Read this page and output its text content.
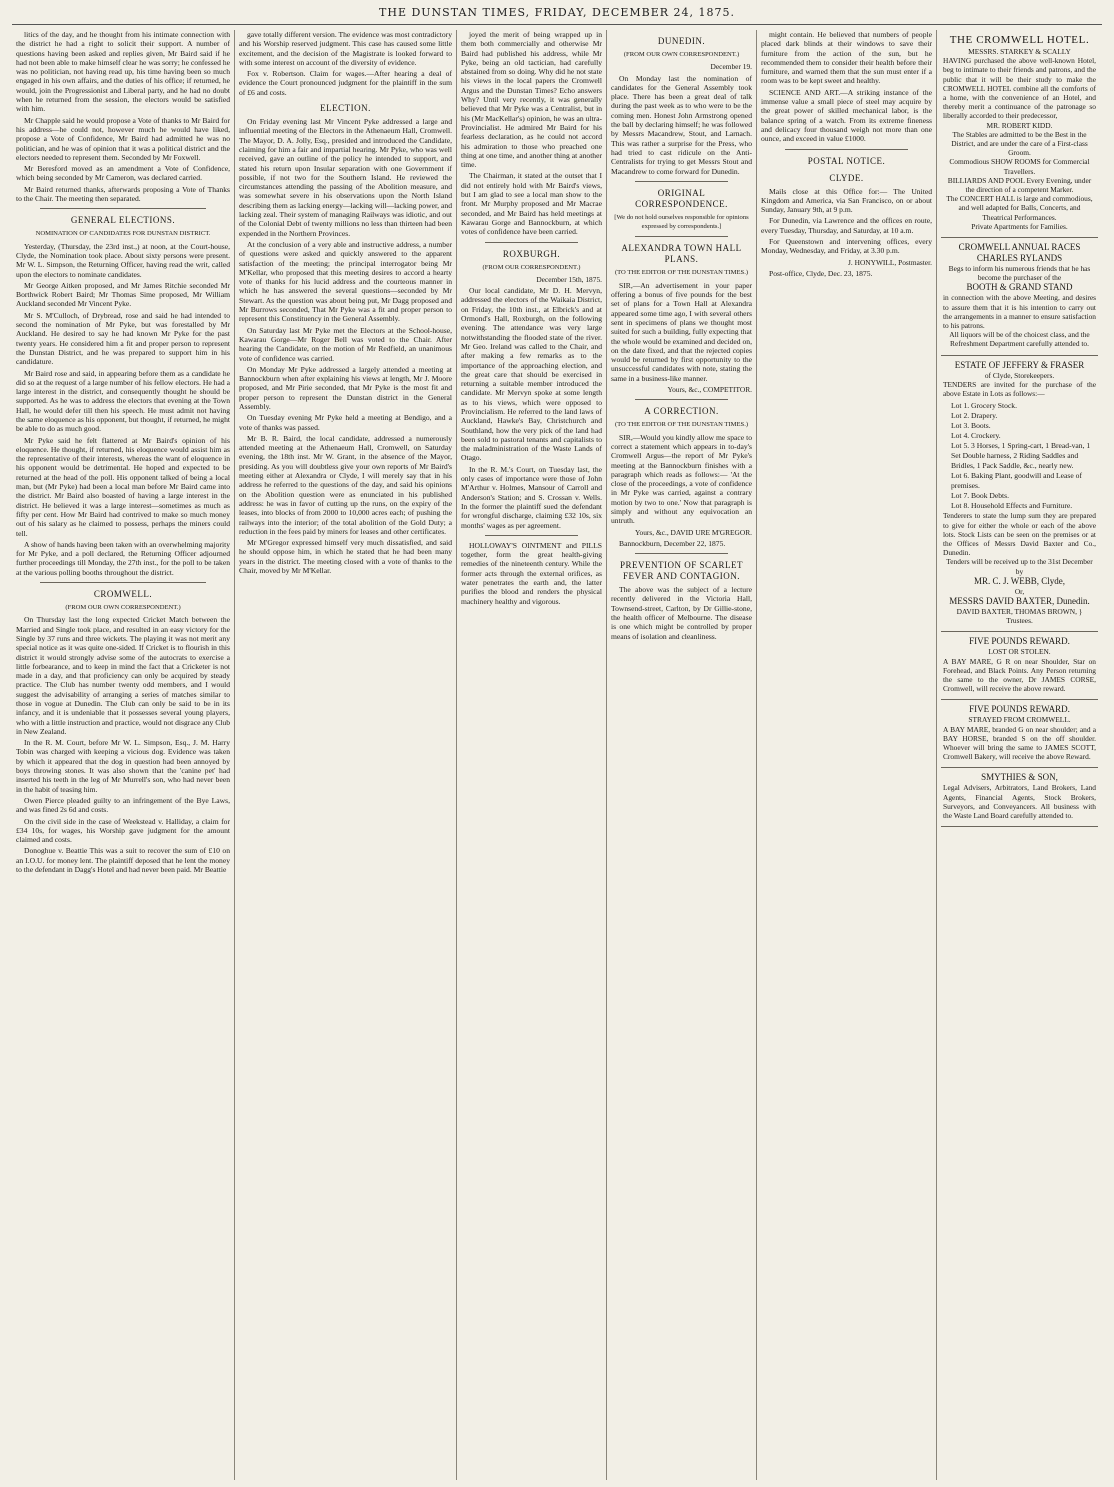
THE DUNSTAN TIMES, FRIDAY, DECEMBER 24, 1875.

litics of the day, and he thought from his intimate connection with the district he had a right to solicit their support. A number of questions having been asked and replies given, Mr Baird said if he had not been able to make himself clear he was sorry; he confessed he was no politician, not having read up, his time having been so much engaged in his own affairs, and the duties of his office; if returned, he would, join the Progressionist and Liberal party, and he had no doubt when he returned from the session, the electors would be satisfied with him.

Mr Chapple said he would propose a Vote of thanks to Mr Baird for his address—he could not, however much he would have liked, propose a Vote of Confidence, Mr Baird had admitted he was no politician, and he was of opinion that it was a political district and the electors needed to represent them. Seconded by Mr Foxwell.

Mr Beresford moved as an amendment a Vote of Confidence, which being seconded by Mr Cameron, was declared carried.

Mr Baird returned thanks, afterwards proposing a Vote of Thanks to the Chair. The meeting then separated.

GENERAL ELECTIONS.
NOMINATION OF CANDIDATES FOR DUNSTAN DISTRICT.

Yesterday, (Thursday, the 23rd inst.,) at noon, at the Court-house, Clyde, the Nomination took place. About sixty persons were present. Mr W. L. Simpson, the Returning Officer, having read the writ, called upon the electors to nominate candidates.

Mr George Aitken proposed, and Mr James Ritchie seconded Mr Borthwick Robert Baird; Mr Thomas Sime proposed, Mr William Auckland seconded Mr Vincent Pyke.

Mr S. M'Culloch, of Drybread, rose and said he had intended to second the nomination of Mr Pyke, but was forestalled by Mr Auckland. He desired to say he had known Mr Pyke for the past twenty years. He considered him a fit and proper person to represent the Dunstan District, and he was prepared to support him in his candidature.

Mr Baird rose and said, in appearing before them as a candidate he did so at the request of a large number of his fellow electors. He had a large interest in the district, and consequently thought he should be supported. As he was to address the electors that evening at the Town Hall, he would defer till then his speech. He must admit not having the same eloquence as his opponent, but thought, if returned, he might be able to do as much good.

Mr Pyke said he felt flattered at Mr Baird's opinion of his eloquence. He thought, if returned, his eloquence would assist him as the representative of their interests, whereas the want of eloquence in his opponent would be detrimental. He hoped and expected to be returned at the head of the poll. His opponent talked of being a local man, but (Mr Pyke) had been a local man before Mr Baird came into the district. Mr Baird also boasted of having a large interest in the district. He believed it was a large interest—sometimes as much as fifty per cent. How Mr Baird had contrived to make so much money out of his salary as he claimed to possess, perhaps the miners could tell.

A show of hands having been taken with an overwhelming majority for Mr Pyke, and a poll declared, the Returning Officer adjourned further proceedings till Monday, the 27th inst., for the poll to be taken at the various polling booths throughout the district.

CROMWELL.
(FROM OUR OWN CORRESPONDENT.)

On Thursday last the long expected Cricket Match between the Married and Single took place, and resulted in an easy victory for the Single by 37 runs and three wickets. The playing it was not merit any special notice as it was quite one-sided. If Cricket is to flourish in this district it would strongly advise some of the autocrats to exercise a little forbearance, and to keep in mind the fact that a Cricketer is not made in a day, and that proficiency can only be acquired by steady practice. The Club has number twenty odd members, and I would suggest the advisability of arranging a series of matches similar to those in vogue at Dunedin. The Club can only be said to be in its infancy, and it is undeniable that it possesses several young players, who with a little instruction and practice, would not disgrace any Club in New Zealand.

In the R. M. Court, before Mr W. L. Simpson, Esq., J. M. Harry Tobin was charged with keeping a vicious dog. Evidence was taken by which it appeared that the dog in question had been annoyed by boys throwing stones. It was also shown that the 'canine pet' had inserted his teeth in the leg of Mr Murrell's son, who had never been in the habit of teasing him.

Owen Pierce pleaded guilty to an infringement of the Bye Laws, and was fined 2s 6d and costs.

On the civil side in the case of Weekstead v. Halliday, a claim for £34 10s, for wages, his Worship gave judgment for the amount claimed and costs.

Donoghue v. Beattie This was a suit to recover the sum of £10 on an I.O.U. for money lent. The plaintiff deposed that he lent the money to the defendant in Dagg's Hotel and had never been paid. Mr Beattie

gave totally different version. The evidence was most contradictory and his Worship reserved judgment. This case has caused some little excitement, and the decision of the Magistrate is looked forward to with some interest on account of the diversity of evidence.

Fox v. Robertson. Claim for wages.—After hearing a deal of evidence the Court pronounced judgment for the plaintiff in the sum of £6 and costs.

ELECTION.

On Friday evening last Mr Vincent Pyke addressed a large and influential meeting of the Electors in the Athenaeum Hall, Cromwell. The Mayor, D. A. Jolly, Esq., presided and introduced the Candidate, claiming for him a fair and impartial hearing. Mr Pyke, who was well received, gave an outline of the policy he intended to support, and stated his return upon Insular separation with one Government if possible, if not two for the Southern Island. He reviewed the circumstances attending the passing of the Abolition measure, and was somewhat severe in his observations upon the North Island describing them as lacking energy—lacking will—lacking power, and lacking zeal. Their system of managing Railways was idiotic, and out of the Colonial Debt of twenty millions no less than thirteen had been expended in the Northern Provinces.

At the conclusion of a very able and instructive address, a number of questions were asked and quickly answered to the apparent satisfaction of the meeting; the principal interrogator being Mr M'Kellar, who proposed that this meeting desires to accord a hearty vote of thanks for his lucid address and the courteous manner in which he has answered the several questions—seconded by Mr Stewart. As the question was about being put, Mr Dagg proposed and Mr Burrows seconded, That Mr Pyke was a fit and proper person to represent this Constituency in the General Assembly.

On Saturday last Mr Pyke met the Electors at the School-house, Kawarau Gorge—Mr Roger Bell was voted to the Chair. After hearing the Candidate, on the motion of Mr Redfield, an unanimous vote of confidence was carried.

On Monday Mr Pyke addressed a largely attended a meeting at Bannockburn when after explaining his views at length, Mr J. Moore proposed, and Mr Pirie seconded, that Mr Pyke is the most fit and proper person to represent the Dunstan district in the General Assembly.

On Tuesday evening Mr Pyke held a meeting at Bendigo, and a vote of thanks was passed.

Mr B. R. Baird, the local candidate, addressed a numerously attended meeting at the Athenaeum Hall, Cromwell, on Saturday evening, the 18th inst. Mr W. Grant, in the absence of the Mayor, presiding. As you will doubtless give your own reports of Mr Baird's meeting either at Alexandra or Clyde, I will merely say that in his address he referred to the questions of the day, and said his opinions on the Abolition question were as enunciated in his published address: he was in favor of cutting up the runs, on the expiry of the leases, into blocks of from 2000 to 10,000 acres each; of pushing the railways into the interior; of the total abolition of the Gold Duty; a reduction in the fees paid by miners for leases and other certificates.

Mr M'Gregor expressed himself very much dissatisfied, and said he should oppose him, in which he stated that he had been many years in the district. The meeting closed with a vote of thanks to the Chair, moved by Mr M'Kellar.

joyed the merit of being wrapped up in them both commercially and otherwise Mr Baird had published his address, while Mr Pyke, being an old tactician, had carefully abstained from so doing. Why did he not state his views in the local papers the Cromwell Argus and the Dunstan Times? Echo answers Why? Until very recently, it was generally believed that Mr Pyke was a Centralist, but in his (Mr MacKellar's) opinion, he was an ultra-Provincialist. He admired Mr Baird for his fearless declaration, as he could not accord his admiration to those who preached one thing at one time, and another thing at another time.

The Chairman, it stated at the outset that I did not entirely hold with Mr Baird's views, but I am glad to see a local man show to the front. Mr Murphy proposed and Mr Macrae seconded, and Mr Baird has held meetings at Kawarau Gorge and Bannockburn, at which votes of confidence have been carried.

ROXBURGH.
(FROM OUR CORRESPONDENT.)
December 15th, 1875.

Our local candidate, Mr D. H. Mervyn, addressed the electors of the Waikaia District, on Friday, the 10th inst., at Elbrick's and at Ormond's Hall, Roxburgh, on the following evening. The attendance was very large notwithstanding the flooded state of the river. Mr Geo. Ireland was called to the Chair, and after making a few remarks as to the importance of the approaching election, and the great care that should be exercised in returning a suitable member introduced the candidate. Mr Mervyn spoke at some length as to his views, which were opposed to Provincialism. He referred to the land laws of Auckland, Hawke's Bay, Christchurch and Southland, how the very pick of the land had been sold to pastoral tenants and capitalists to the maladministration of the Waste Lands of Otago.

In the R. M.'s Court, on Tuesday last, the only cases of importance were those of John M'Arthur v. Holmes, Mansour of Carroll and Anderson's Station; and S. Crossan v. Wells. In the former the plaintiff sued the defendant for wrongful discharge, claiming £32 10s, six months' wages as per agreement.

HOLLOWAY'S OINTMENT and PILLS together, form the great health-giving remedies of the nineteenth century. While the former acts through the external orifices, as water penetrates the earth and, the latter purifies the blood and renders the physical machinery healthy and vigorous.

DUNEDIN.
(FROM OUR OWN CORRESPONDENT.)
December 19.

On Monday last the nomination of candidates for the General Assembly took place. There has been a great deal of talk during the past week as to who were to be the coming men. Honest John Armstrong opened the ball by declaring himself; he was followed by Messrs Macandrew, Stout, and Larnach. This was rather a surprise for the Press, who had tried to cast ridicule on the Anti-Centralists for trying to get Messrs Stout and Macandrew to come forward for Dunedin.

ORIGINAL CORRESPONDENCE.
[We do not hold ourselves responsible for opinions expressed by correspondents.]
ALEXANDRA TOWN HALL PLANS.
(TO THE EDITOR OF THE DUNSTAN TIMES.)

SIR,—An advertisement in your paper offering a bonus of five pounds for the best set of plans for a Town Hall at Alexandra appeared some time ago, I with several others sent in specimens of plans we thought most suited for such a building, fully expecting that the whole would be examined and decided on, on the date fixed, and that the rejected copies would be returned by first opportunity to the unsuccessful candidates with note, stating the same in a business-like manner.

Yours, &c., COMPETITOR.
A CORRECTION.
(TO THE EDITOR OF THE DUNSTAN TIMES.)

SIR,—Would you kindly allow me space to correct a statement which appears in to-day's Cromwell Argus—the report of Mr Pyke's meeting at the Bannockburn finishes with a paragraph which reads as follows:— 'At the close of the proceedings, a vote of confidence in Mr Pyke was carried, against a contrary motion by two to one.' Now that paragraph is simply and without any equivocation an untruth.

Yours, &c., DAVID URE M'GREGOR.

Bannockburn, December 22, 1875.

PREVENTION OF SCARLET FEVER AND CONTAGION.

The above was the subject of a lecture recently delivered in the Victoria Hall, Townsend-street, Carlton, by Dr Gillie-stone, the health officer of Melbourne. The disease is one which might be controlled by proper means of isolation and cleanliness.

might contain. He believed that numbers of people placed dark blinds at their windows to save their furniture from the action of the sun, but he recommended them to consider their health before their furniture, and warned them that the sun must enter if a room was to be kept sweet and healthy.

SCIENCE AND ART.—A striking instance of the immense value a small piece of steel may acquire by the great power of skilled mechanical labor, is the balance spring of a watch. From its extreme fineness and delicacy four thousand weigh not more than one ounce, and exceed in value £1000.

POSTAL NOTICE.
CLYDE.

Mails close at this Office for:— The United Kingdom and America, via San Francisco, on or about Sunday, January 9th, at 9 p.m.

For Dunedin, via Lawrence and the offices en route, every Tuesday, Thursday, and Saturday, at 10 a.m.

For Queenstown and intervening offices, every Monday, Wednesday, and Friday, at 3.30 p.m.

J. HONYWILL, Postmaster.

Post-office, Clyde, Dec. 23, 1875.

THE CROMWELL HOTEL.
MESSRS. STARKEY & SCALLY
HAVING purchased the above well-known Hotel, beg to intimate to their friends and patrons, and the public that it will be their study to make the CROMWELL HOTEL combine all the comforts of a home, with the convenience of an Hotel, and thereby merit a continuance of the patronage so liberally accorded to their predecessor,
MR. ROBERT KIDD.
The Stables are admitted to be the Best in the District, and are under the care of a First-class Groom.
Commodious SHOW ROOMS for Commercial Travellers.
BILLIARDS AND POOL Every Evening, under the direction of a competent Marker.
The CONCERT HALL is large and commodious, and well adapted for Balls, Concerts, and Theatrical Performances.
Private Apartments for Families.
CROMWELL ANNUAL RACES
CHARLES RYLANDS
Begs to inform his numerous friends that he has become the purchaser of the
BOOTH & GRAND STAND
in connection with the above Meeting, and desires to assure them that it is his intention to carry out the arrangements in a manner to ensure satisfaction to his patrons.
All liquors will be of the choicest class, and the Refreshment Department carefully attended to.
ESTATE OF JEFFERY & FRASER
of Clyde, Storekeepers.
TENDERS are invited for the purchase of the above Estate in Lots as follows:—
Lot 1. Grocery Stock.
Lot 2. Drapery.
Lot 3. Boots.
Lot 4. Crockery.
Lot 5. 3 Horses, 1 Spring-cart, 1 Bread-van, 1 Set Double harness, 2 Riding Saddles and Bridles, 1 Pack Saddle, &c., nearly new.
Lot 6. Baking Plant, goodwill and Lease of premises.
Lot 7. Book Debts.
Lot 8. Household Effects and Furniture.
Tenderers to state the lump sum they are prepared to give for either the whole or each of the above lots. Stock Lists can be seen on the premises or at the Offices of Messrs David Baxter and Co., Dunedin.
Tenders will be received up to the 31st December by
MR. C. J. WEBB, Clyde,
Or,
MESSRS DAVID BAXTER, Dunedin.
DAVID BAXTER, THOMAS BROWN, } Trustees.
FIVE POUNDS REWARD.
LOST OR STOLEN.
A BAY MARE, G R on near Shoulder, Star on Forehead, and Black Points. Any Person returning the same to the owner, Dr JAMES CORSE, Cromwell, will receive the above reward.
FIVE POUNDS REWARD.
STRAYED FROM CROMWELL.
A BAY MARE, branded G on near shoulder; and a BAY HORSE, branded S on the off shoulder. Whoever will bring the same to JAMES SCOTT, Cromwell Bakery, will receive the above Reward.
SMYTHIES & SON,
Legal Advisers, Arbitrators, Land Brokers, Land Agents, Financial Agents, Stock Brokers, Surveyors, and Conveyancers. All business with the Waste Land Board carefully attended to.
